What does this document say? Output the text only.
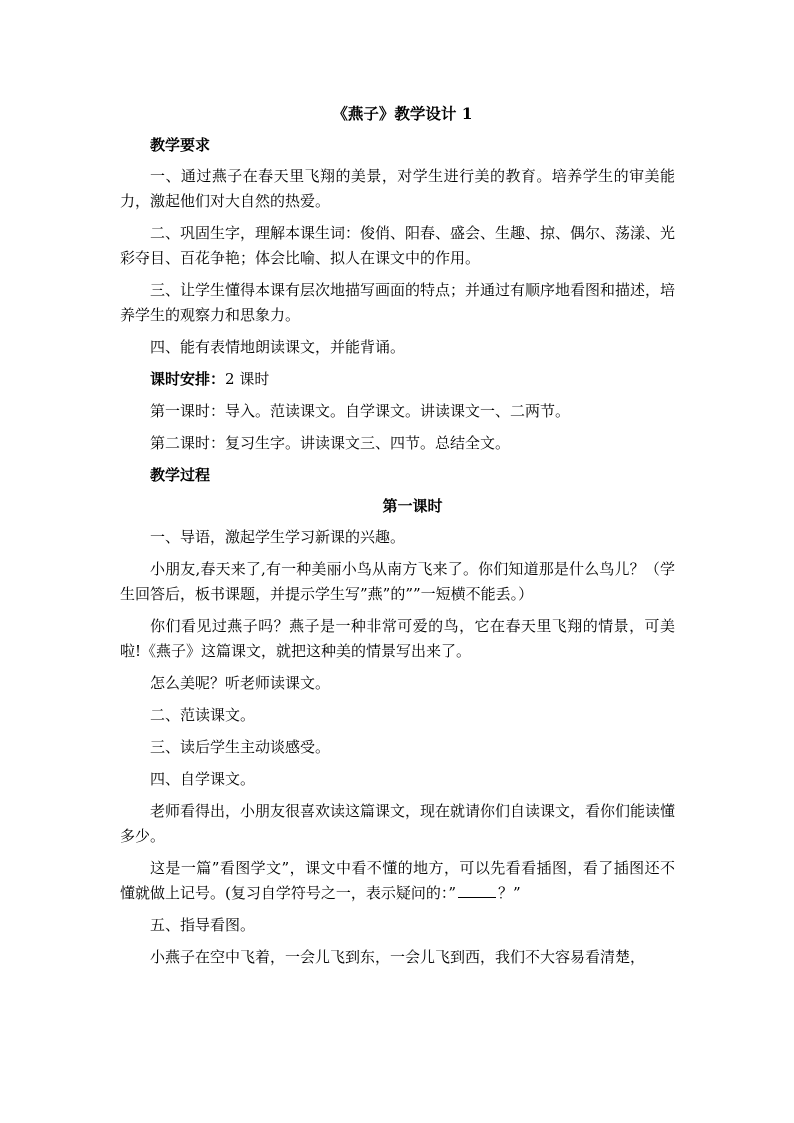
《燕子》教学设计 1
教学要求

一、通过燕子在春天里飞翔的美景，对学生进行美的教育。培养学生的审美能力，激起他们对大自然的热爱。

二、巩固生字，理解本课生词：俊俏、阳春、盛会、生趣、掠、偶尔、荡漾、光彩夺目、百花争艳；体会比喻、拟人在课文中的作用。

三、让学生懂得本课有层次地描写画面的特点；并通过有顺序地看图和描述，培养学生的观察力和思象力。

四、能有表情地朗读课文，并能背诵。

课时安排：2 课时

第一课时：导入。范读课文。自学课文。讲读课文一、二两节。

第二课时：复习生字。讲读课文三、四节。总结全文。

教学过程
第一课时

一、导语，激起学生学习新课的兴趣。

小朋友,春天来了,有一种美丽小鸟从南方飞来了。你们知道那是什么鸟儿？（学生回答后，板书课题，并提示学生写”燕”的””一短横不能丢。）

你们看见过燕子吗？燕子是一种非常可爱的鸟，它在春天里飞翔的情景，可美啦!《燕子》这篇课文，就把这种美的情景写出来了。

怎么美呢？听老师读课文。

二、范读课文。

三、读后学生主动谈感受。

四、自学课文。

老师看得出，小朋友很喜欢读这篇课文，现在就请你们自读课文，看你们能读懂多少。

这是一篇”看图学文”，课文中看不懂的地方，可以先看看插图，看了插图还不懂就做上记号。(复习自学符号之一，表示疑问的：”	？”

五、指导看图。

小燕子在空中飞着，一会儿飞到东，一会儿飞到西，我们不大容易看清楚，
